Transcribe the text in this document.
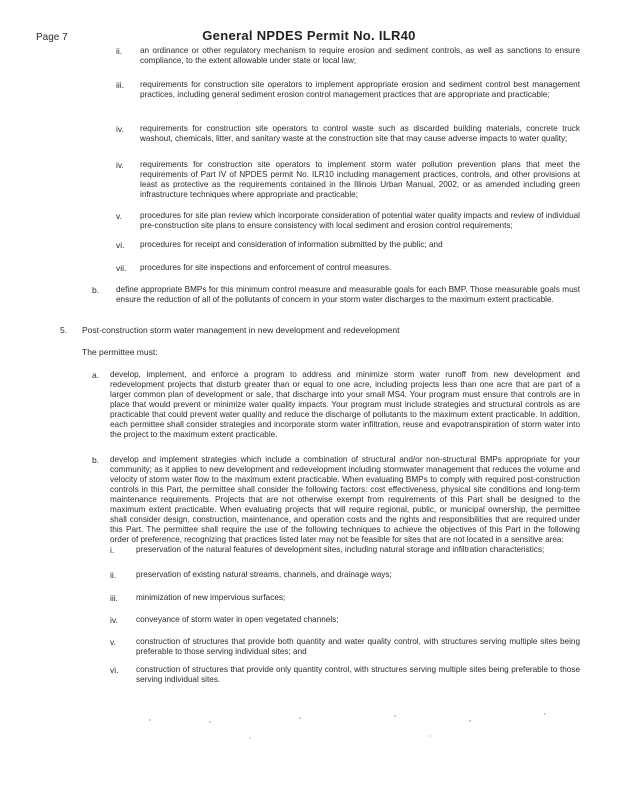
Page 7	General NPDES Permit No. ILR40
ii. an ordinance or other regulatory mechanism to require erosion and sediment controls, as well as sanctions to ensure compliance, to the extent allowable under state or local law;
iii. requirements for construction site operators to implement appropriate erosion and sediment control best management practices, including general sediment erosion control management practices that are appropriate and practicable;
iv. requirements for construction site operators to control waste such as discarded building materials, concrete truck washout, chemicals, litter, and sanitary waste at the construction site that may cause adverse impacts to water quality;
iv. requirements for construction site operators to implement storm water pollution prevention plans that meet the requirements of Part IV of NPDES permit No. ILR10 including management practices, controls, and other provisions at least as protective as the requirements contained in the Illinois Urban Manual, 2002, or as amended including green infrastructure techniques where appropriate and practicable;
v. procedures for site plan review which incorporate consideration of potential water quality impacts and review of individual pre-construction site plans to ensure consistency with local sediment and erosion control requirements;
vi. procedures for receipt and consideration of information submitted by the public; and
vii. procedures for site inspections and enforcement of control measures.
b. define appropriate BMPs for this minimum control measure and measurable goals for each BMP. Those measurable goals must ensure the reduction of all of the pollutants of concern in your storm water discharges to the maximum extent practicable.
5. Post-construction storm water management in new development and redevelopment
The permittee must:
a. develop, implement, and enforce a program to address and minimize storm water runoff from new development and redevelopment projects that disturb greater than or equal to one acre, including projects less than one acre that are part of a larger common plan of development or sale, that discharge into your small MS4. Your program must ensure that controls are in place that would prevent or minimize water quality impacts. Your program must include strategies and structural controls as are practicable that could prevent water quality and reduce the discharge of pollutants to the maximum extent practicable. In addition, each permittee shall consider strategies and incorporate storm water infiltration, reuse and evapotranspiration of storm water into the project to the maximum extent practicable.
b. develop and implement strategies which include a combination of structural and/or non-structural BMPs appropriate for your community; as it applies to new development and redevelopment including stormwater management that reduces the volume and velocity of storm water flow to the maximum extent practicable. When evaluating BMPs to comply with required post-construction controls in this Part, the permittee shall consider the following factors: cost effectiveness, physical site conditions and long-term maintenance requirements. Projects that are not otherwise exempt from requirements of this Part shall be designed to the maximum extent practicable. When evaluating projects that will require regional, public, or municipal ownership, the permittee shall consider design, construction, maintenance, and operation costs and the rights and responsibilities that are required under this Part. The permittee shall require the use of the following techniques to achieve the objectives of this Part in the following order of preference, recognizing that practices listed later may not be feasible for sites that are not located in a sensitive area:
i.	preservation of the natural features of development sites, including natural storage and infiltration characteristics;
ii. preservation of existing natural streams, channels, and drainage ways;
iii. minimization of new impervious surfaces;
iv. conveyance of storm water in open vegetated channels;
v. construction of structures that provide both quantity and water quality control, with structures serving multiple sites being preferable to those serving individual sites; and
vi. construction of structures that provide only quantity control, with structures serving multiple sites being preferable to those serving individual sites.
